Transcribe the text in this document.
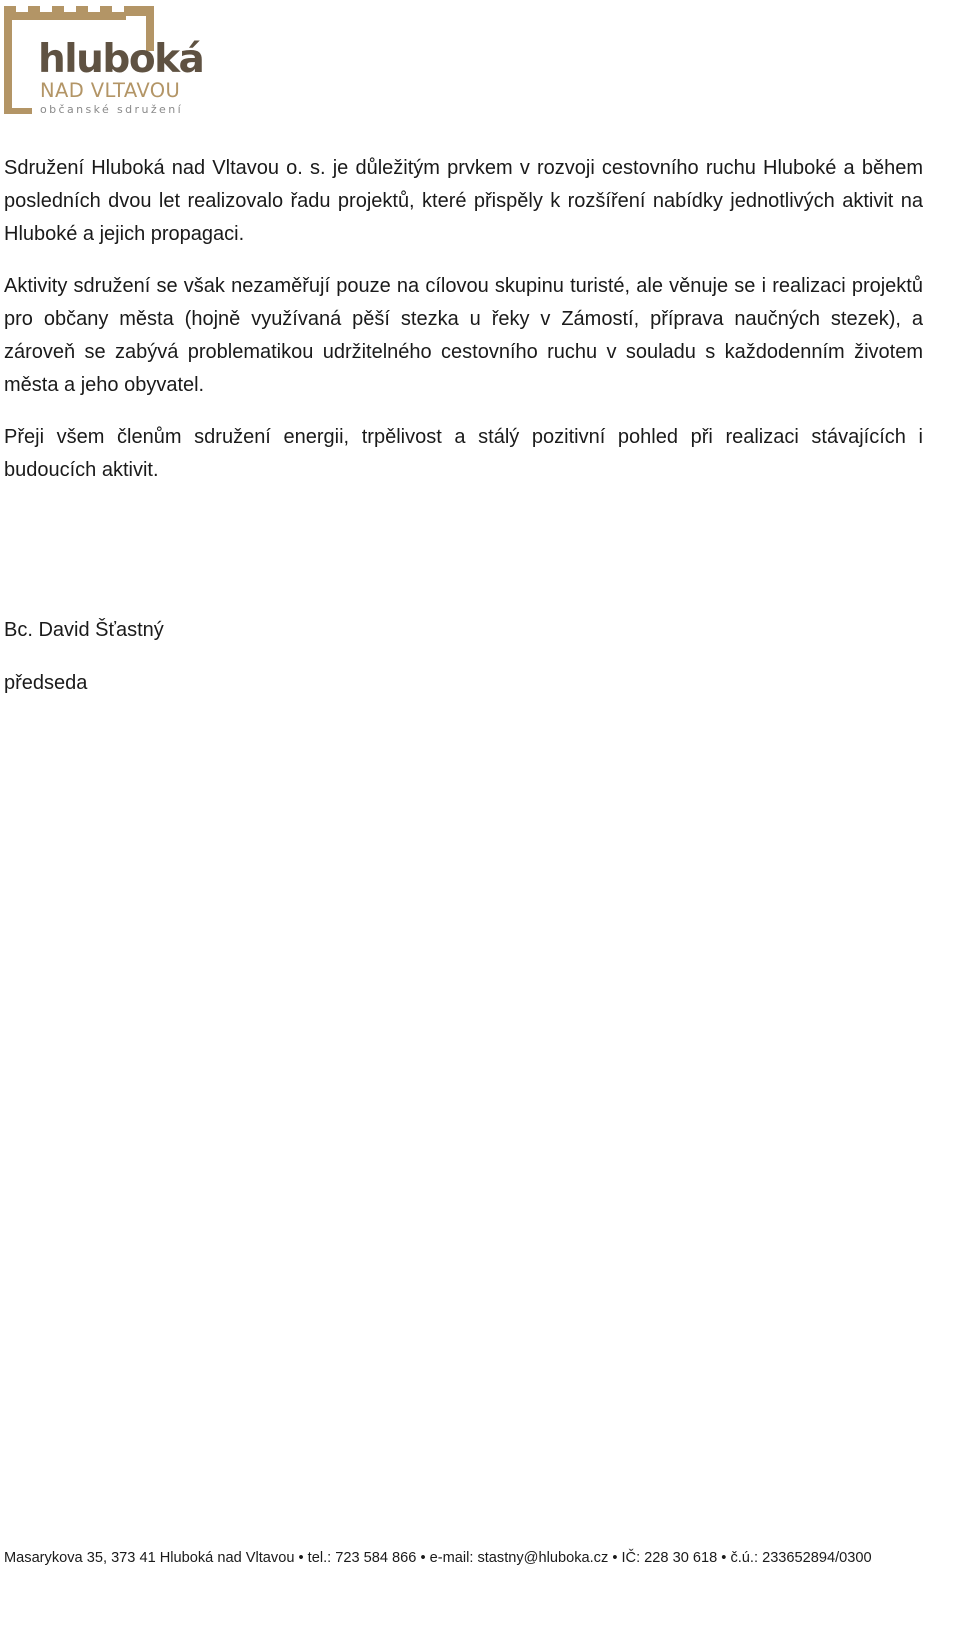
hluboká
NAD VLTAVOU
občanské sdružení

Sdružení Hluboká nad Vltavou o. s. je důležitým prvkem v rozvoji cestovního ruchu Hluboké a během posledních dvou let realizovalo řadu projektů, které přispěly k rozšíření nabídky jednotlivých aktivit na Hluboké a jejich propagaci.

Aktivity sdružení se však nezaměřují pouze na cílovou skupinu turisté, ale věnuje se i realizaci projektů pro občany města (hojně využívaná pěší stezka u řeky v Zámostí, příprava naučných stezek), a zároveň se zabývá problematikou udržitelného cestovního ruchu v souladu s každodenním životem města a jeho obyvatel.

Přeji všem členům sdružení energii, trpělivost a stálý pozitivní pohled při realizaci stávajících i budoucích aktivit.

Bc. David Šťastný

předseda

Masarykova 35, 373 41 Hluboká nad Vltavou • tel.: 723 584 866 • e-mail: stastny@hluboka.cz • IČ: 228 30 618 • č.ú.: 233652894/0300
